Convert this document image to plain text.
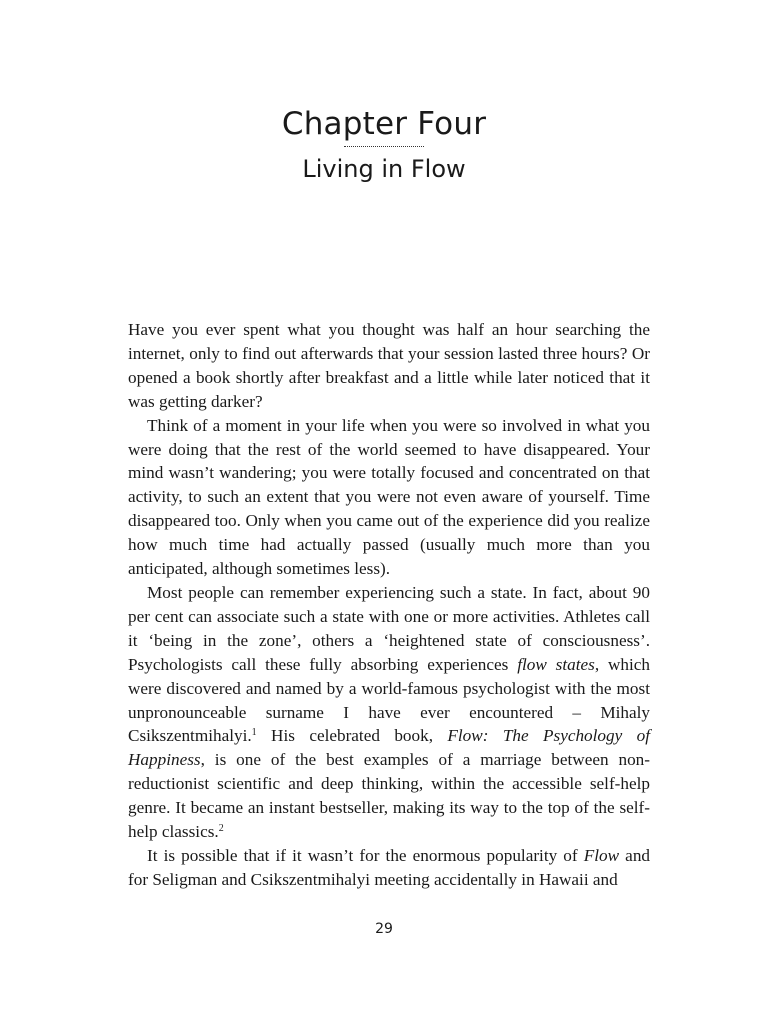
Chapter Four
Living in Flow

Have you ever spent what you thought was half an hour searching the internet, only to find out afterwards that your session lasted three hours? Or opened a book shortly after breakfast and a little while later noticed that it was getting darker?

Think of a moment in your life when you were so involved in what you were doing that the rest of the world seemed to have disappeared. Your mind wasn’t wandering; you were totally focused and concentrated on that activity, to such an extent that you were not even aware of yourself. Time disappeared too. Only when you came out of the experience did you realize how much time had actually passed (usually much more than you anticipated, although sometimes less).

Most people can remember experiencing such a state. In fact, about 90 per cent can associate such a state with one or more activities. Athletes call it ‘being in the zone’, others a ‘heightened state of consciousness’. Psychologists call these fully absorbing experiences flow states, which were discovered and named by a world-famous psychologist with the most unpronounceable surname I have ever encountered – Mihaly Csikszentmihalyi.$^1$ His celebrated book, Flow: The Psychology of Happiness, is one of the best examples of a marriage between non-reductionist scientific and deep thinking, within the accessible self-help genre. It became an instant bestseller, making its way to the top of the self-help classics.$^2$

It is possible that if it wasn’t for the enormous popularity of Flow and for Seligman and Csikszentmihalyi meeting accidentally in Hawaii and

29
